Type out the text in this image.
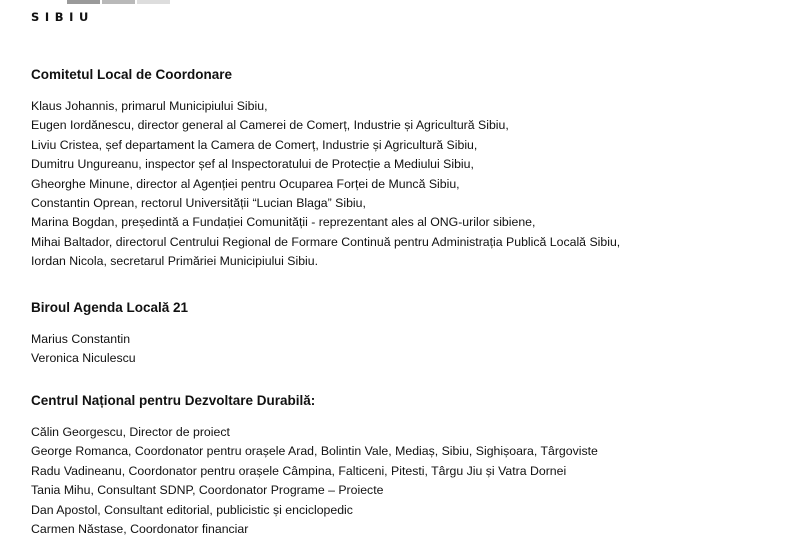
SIBIU
Comitetul Local de Coordonare
Klaus Johannis, primarul Municipiului Sibiu,
Eugen Iordănescu, director general al Camerei de Comerț, Industrie și Agricultură Sibiu,
Liviu Cristea, șef departament la Camera de Comerț, Industrie și Agricultură Sibiu,
Dumitru Ungureanu, inspector șef al Inspectoratului de Protecție a Mediului Sibiu,
Gheorghe Minune, director al Agenției pentru Ocuparea Forței de Muncă Sibiu,
Constantin Oprean, rectorul Universității “Lucian Blaga” Sibiu,
Marina Bogdan, președintă a Fundației Comunității - reprezentant ales al ONG-urilor sibiene,
Mihai Baltador, directorul Centrului Regional de Formare Continuă pentru Administrația Publică Locală Sibiu,
Iordan Nicola, secretarul Primăriei Municipiului Sibiu.
Biroul Agenda Locală 21
Marius Constantin
Veronica Niculescu
Centrul Național pentru Dezvoltare Durabilă:
Călin Georgescu, Director de proiect
George Romanca, Coordonator pentru orașele Arad, Bolintin Vale, Mediaș, Sibiu, Sighișoara, Târgoviste
Radu Vadineanu, Coordonator pentru orașele Câmpina, Falticeni, Pitesti, Târgu Jiu și Vatra Dornei
Tania Mihu, Consultant SDNP, Coordonator Programe – Proiecte
Dan Apostol, Consultant editorial, publicistic și enciclopedic
Carmen Năstase, Coordonator financiar
